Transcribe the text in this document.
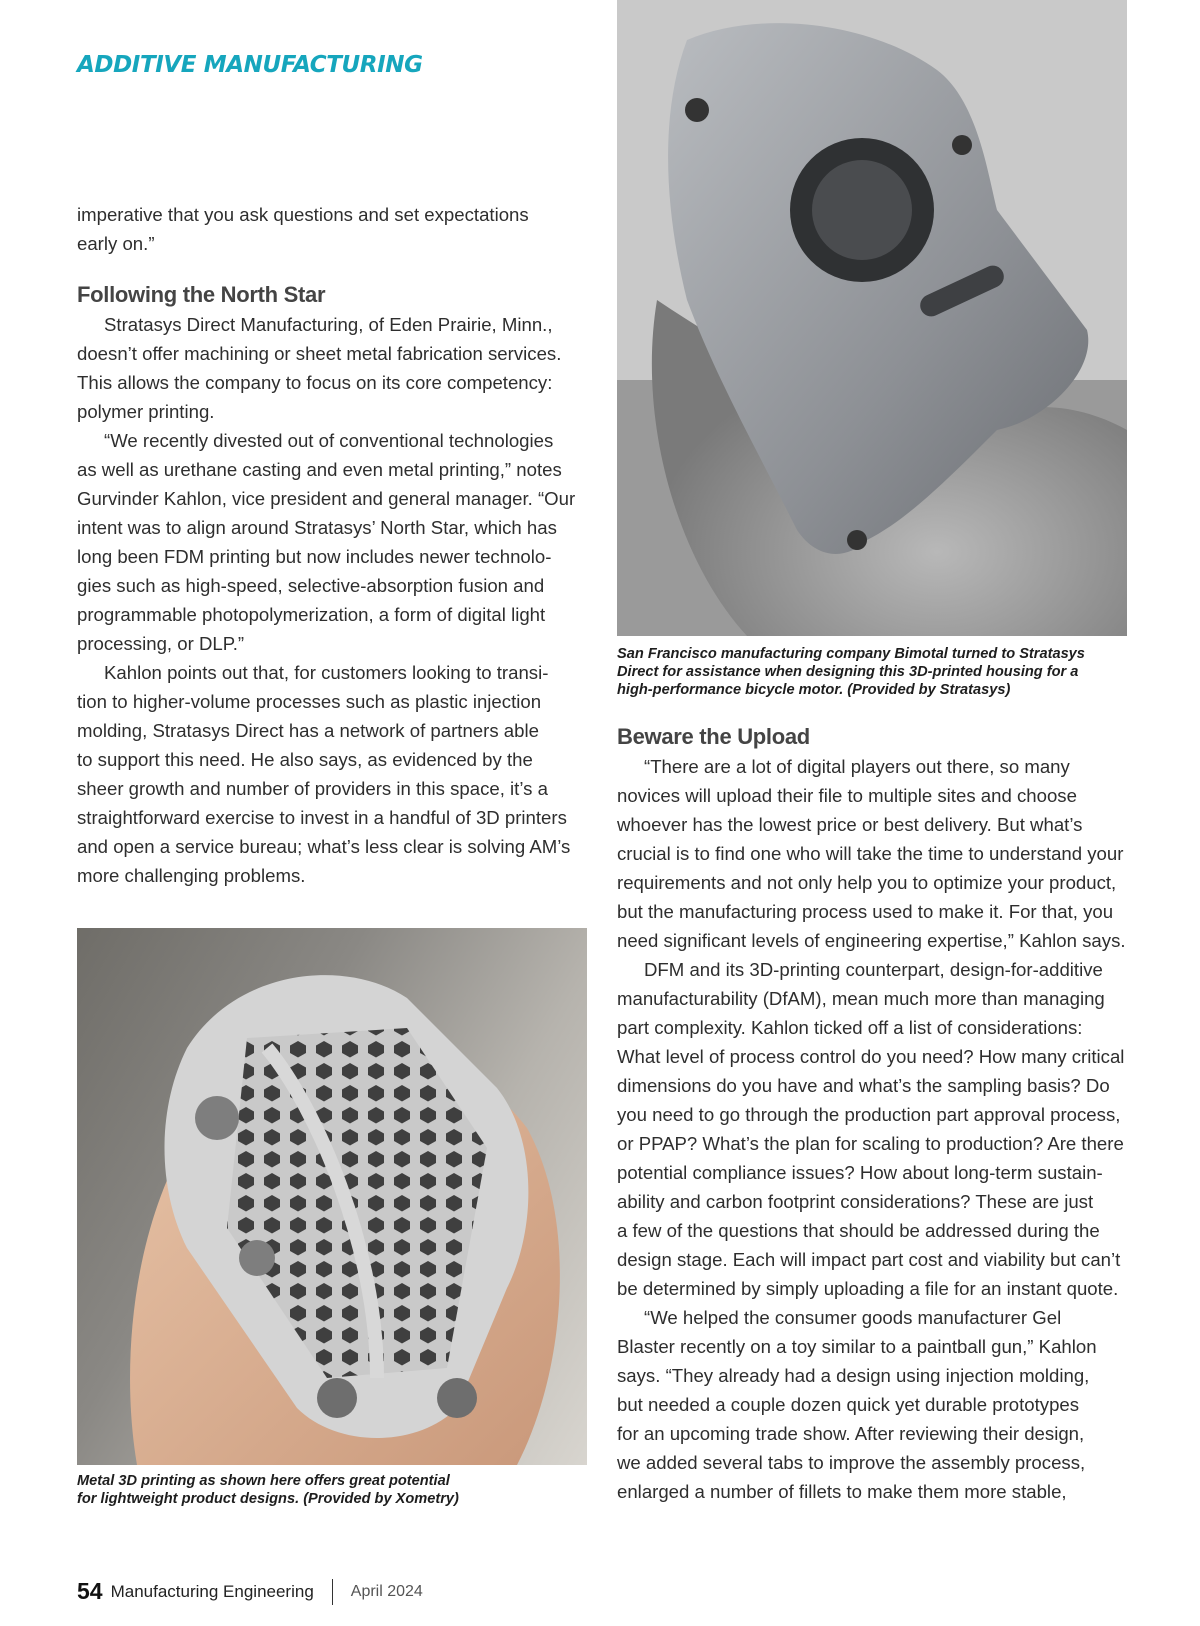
ADDITIVE MANUFACTURING

imperative that you ask questions and set expectations
early on.”

Following the North Star

Stratasys Direct Manufacturing, of Eden Prairie, Minn.,
doesn’t offer machining or sheet metal fabrication services.
This allows the company to focus on its core competency:
polymer printing.

“We recently divested out of conventional technologies
as well as urethane casting and even metal printing,” notes
Gurvinder Kahlon, vice president and general manager. “Our
intent was to align around Stratasys’ North Star, which has
long been FDM printing but now includes newer technolo-
gies such as high-speed, selective-absorption fusion and
programmable photopolymerization, a form of digital light
processing, or DLP.”

Kahlon points out that, for customers looking to transi-
tion to higher-volume processes such as plastic injection
molding, Stratasys Direct has a network of partners able
to support this need. He also says, as evidenced by the
sheer growth and number of providers in this space, it’s a
straightforward exercise to invest in a handful of 3D printers
and open a service bureau; what’s less clear is solving AM’s
more challenging problems.

San Francisco manufacturing company Bimotal turned to Stratasys
Direct for assistance when designing this 3D-printed housing for a
high-performance bicycle motor. (Provided by Stratasys)
Beware the Upload

“There are a lot of digital players out there, so many
novices will upload their file to multiple sites and choose
whoever has the lowest price or best delivery. But what’s
crucial is to find one who will take the time to understand your
requirements and not only help you to optimize your product,
but the manufacturing process used to make it. For that, you
need significant levels of engineering expertise,” Kahlon says.

DFM and its 3D-printing counterpart, design-for-additive
manufacturability (DfAM), mean much more than managing
part complexity. Kahlon ticked off a list of considerations:
What level of process control do you need? How many critical
dimensions do you have and what’s the sampling basis? Do
you need to go through the production part approval process,
or PPAP? What’s the plan for scaling to production? Are there
potential compliance issues? How about long-term sustain-
ability and carbon footprint considerations? These are just
a few of the questions that should be addressed during the
design stage. Each will impact part cost and viability but can’t
be determined by simply uploading a file for an instant quote.

“We helped the consumer goods manufacturer Gel
Blaster recently on a toy similar to a paintball gun,” Kahlon
says. “They already had a design using injection molding,
but needed a couple dozen quick yet durable prototypes
for an upcoming trade show. After reviewing their design,
we added several tabs to improve the assembly process,
enlarged a number of fillets to make them more stable,

Metal 3D printing as shown here offers great potential
for lightweight product designs. (Provided by Xometry)
54 Manufacturing Engineering April 2024
